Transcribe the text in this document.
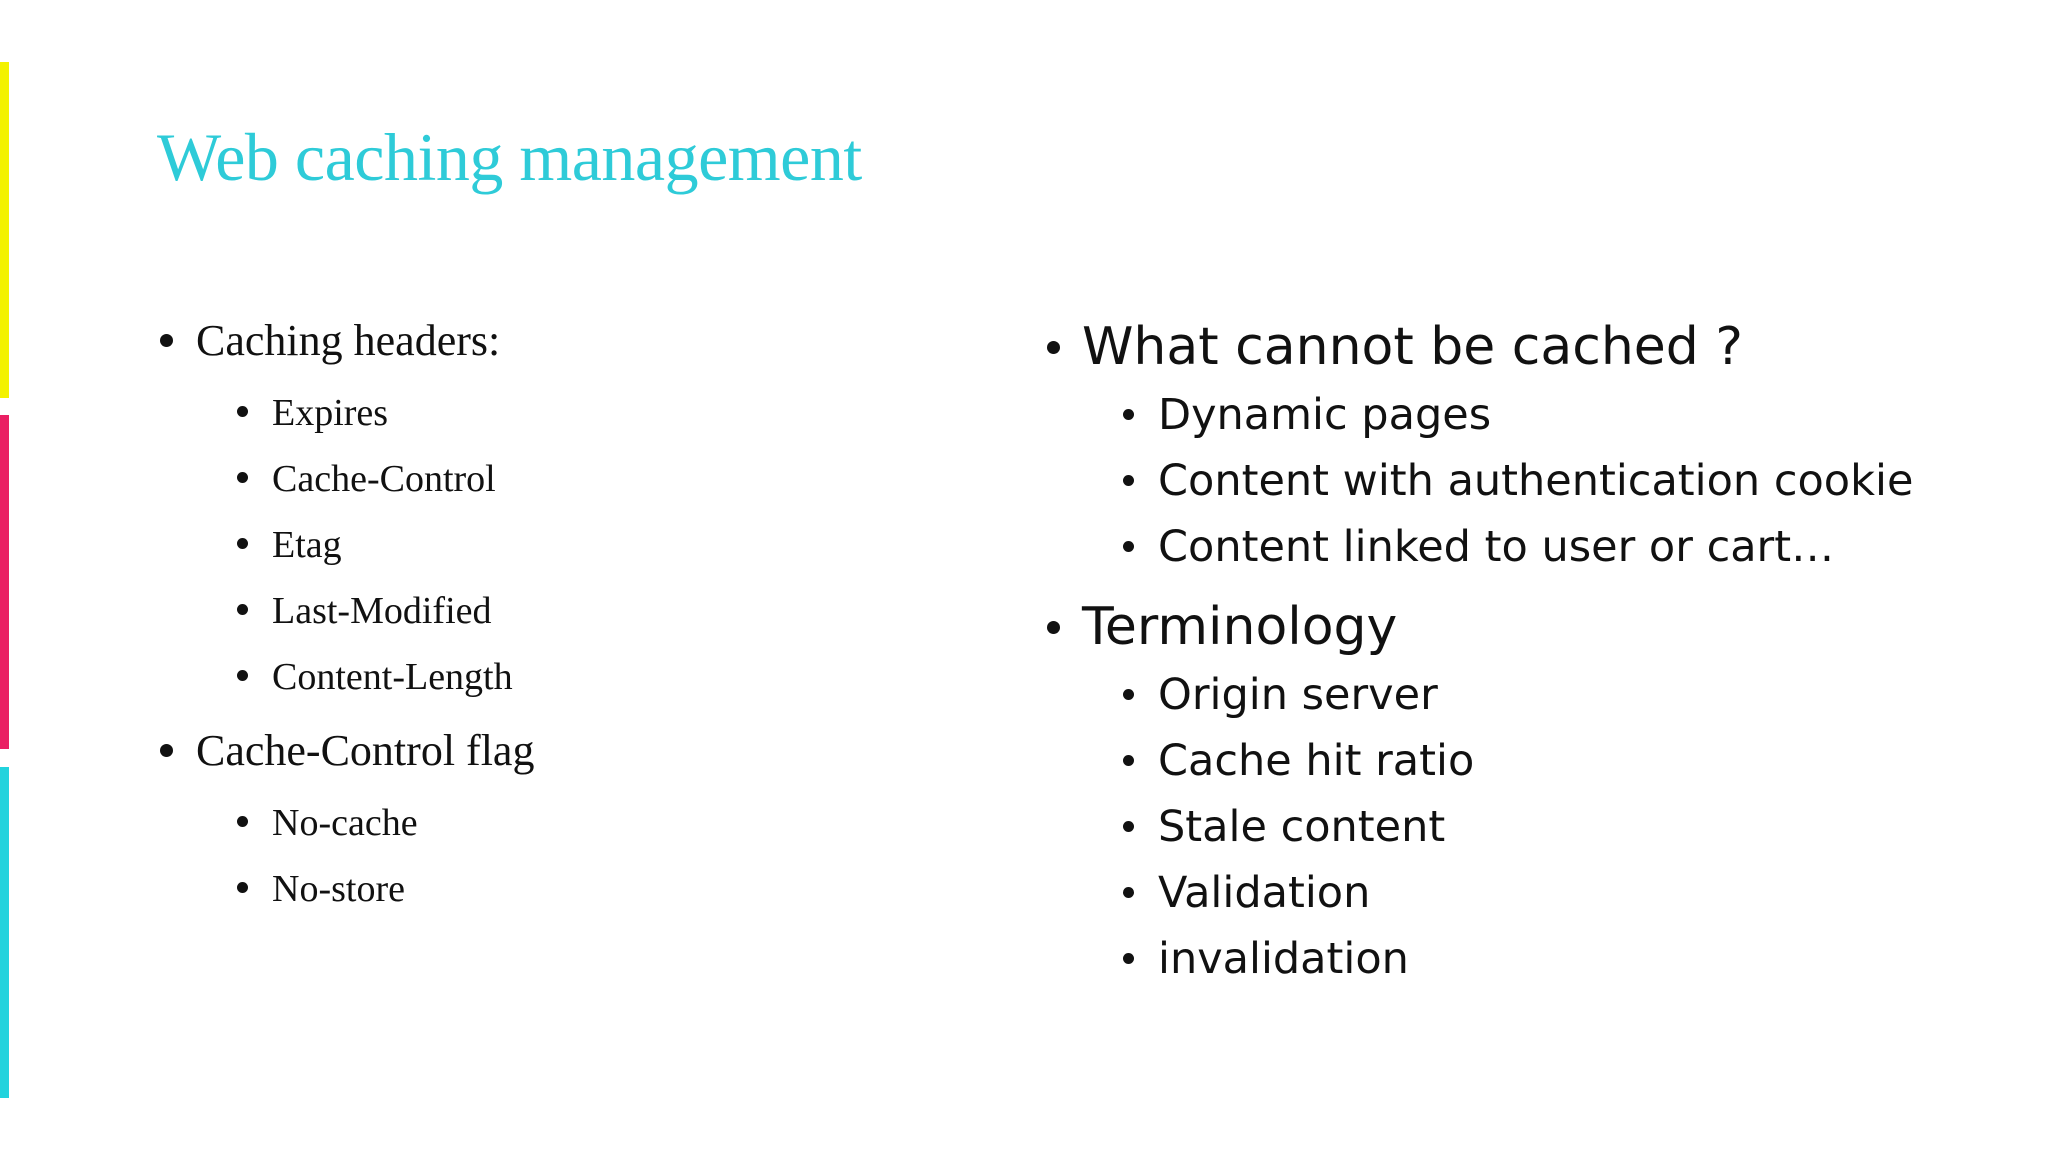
Web caching management
Caching headers:
Expires
Cache-Control
Etag
Last-Modified
Content-Length
Cache-Control flag
No-cache
No-store
What cannot be cached ?
Dynamic pages
Content with authentication cookie
Content linked to user or cart…
Terminology
Origin server
Cache hit ratio
Stale content
Validation
invalidation
